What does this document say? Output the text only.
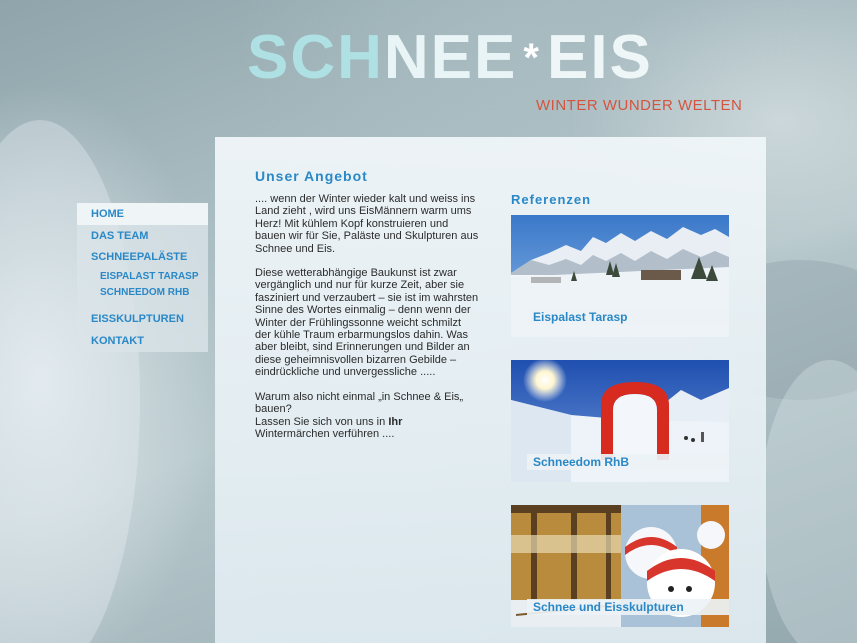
SCH NEE * EIS
WINTER WUNDER WELTEN
HOME
DAS TEAM
SCHNEEPALÄSTE
EISPALAST TARASP
SCHNEEDOM RHB
EISSKULPTUREN
KONTAKT
Unser Angebot

.... wenn der Winter wieder kalt und weiss ins Land zieht , wird uns EisMännern warm ums Herz! Mit kühlem Kopf konstruieren und bauen wir für Sie, Paläste und Skulpturen aus Schnee und Eis.

Diese wetterabhängige Baukunst ist zwar vergänglich und nur für kurze Zeit, aber sie fasziniert und verzaubert – sie ist im wahrsten Sinne des Wortes einmalig – denn wenn der Winter der Frühlingssonne weicht schmilzt der kühle Traum erbarmungslos dahin. Was aber bleibt, sind Erinnerungen und Bilder an diese geheimnisvollen bizarren Gebilde – eindrückliche und unvergessliche .....

Warum also nicht einmal „in Schnee & Eis„ bauen?
Lassen Sie sich von uns in Ihr
Wintermärchen verführen ....

Referenzen
Eispalast Tarasp
Schneedom RhB
Schnee und Eisskulpturen
